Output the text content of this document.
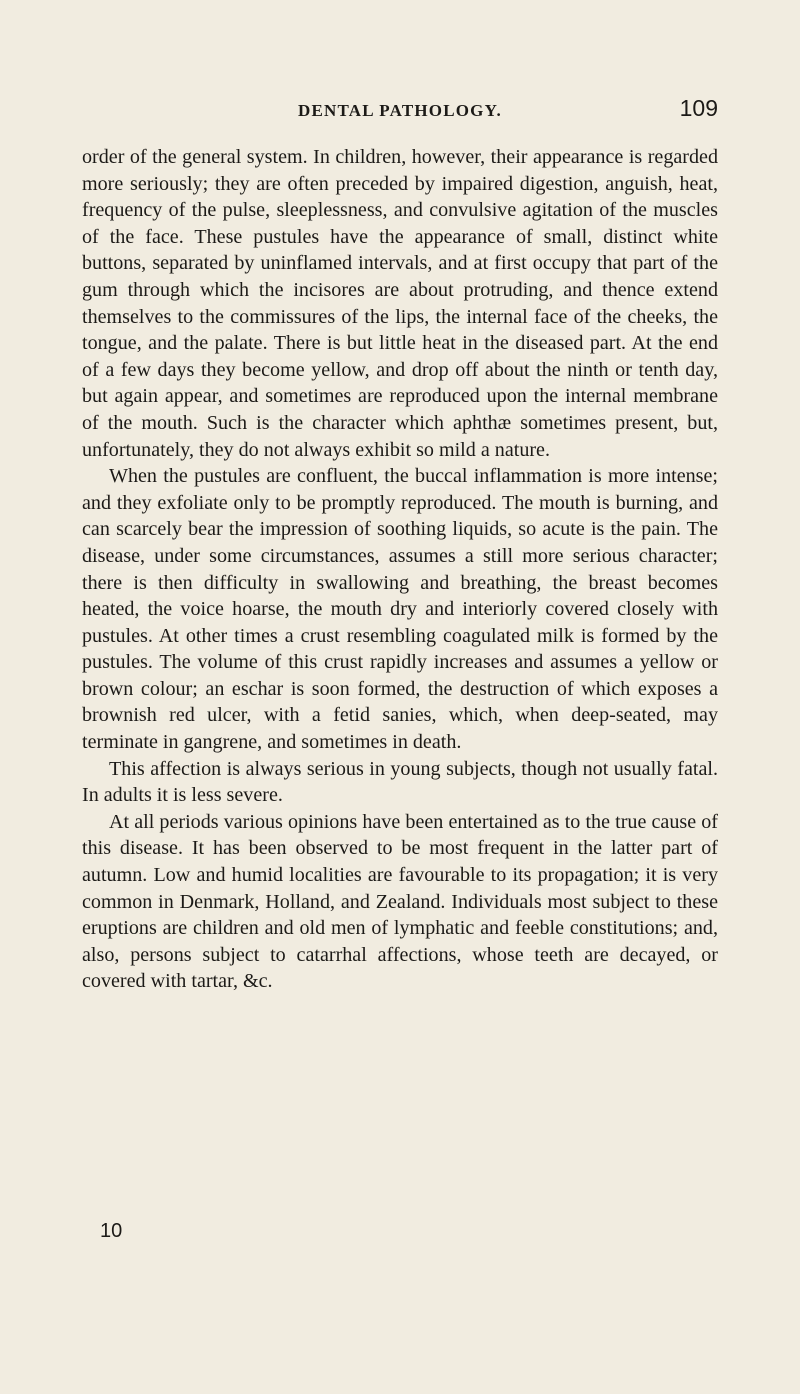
DENTAL PATHOLOGY.	109

order of the general system. In children, however, their appearance is regarded more seriously; they are often preceded by impaired digestion, anguish, heat, frequency of the pulse, sleeplessness, and convulsive agitation of the muscles of the face. These pustules have the appearance of small, distinct white buttons, separated by uninflamed intervals, and at first occupy that part of the gum through which the incisores are about protruding, and thence extend themselves to the commissures of the lips, the internal face of the cheeks, the tongue, and the palate. There is but little heat in the diseased part. At the end of a few days they become yellow, and drop off about the ninth or tenth day, but again appear, and sometimes are reproduced upon the internal membrane of the mouth. Such is the character which aphthæ sometimes present, but, unfortunately, they do not always exhibit so mild a nature.

When the pustules are confluent, the buccal inflammation is more intense; and they exfoliate only to be promptly reproduced. The mouth is burning, and can scarcely bear the impression of soothing liquids, so acute is the pain. The disease, under some circumstances, assumes a still more serious character; there is then difficulty in swallowing and breathing, the breast becomes heated, the voice hoarse, the mouth dry and interiorly covered closely with pustules. At other times a crust resembling coagulated milk is formed by the pustules. The volume of this crust rapidly increases and assumes a yellow or brown colour; an eschar is soon formed, the destruction of which exposes a brownish red ulcer, with a fetid sanies, which, when deep-seated, may terminate in gangrene, and sometimes in death.

This affection is always serious in young subjects, though not usually fatal. In adults it is less severe.

At all periods various opinions have been entertained as to the true cause of this disease. It has been observed to be most frequent in the latter part of autumn. Low and humid localities are favourable to its propagation; it is very common in Denmark, Holland, and Zealand. Individuals most subject to these eruptions are children and old men of lymphatic and feeble constitutions; and, also, persons subject to catarrhal affections, whose teeth are decayed, or covered with tartar, &c.

10
